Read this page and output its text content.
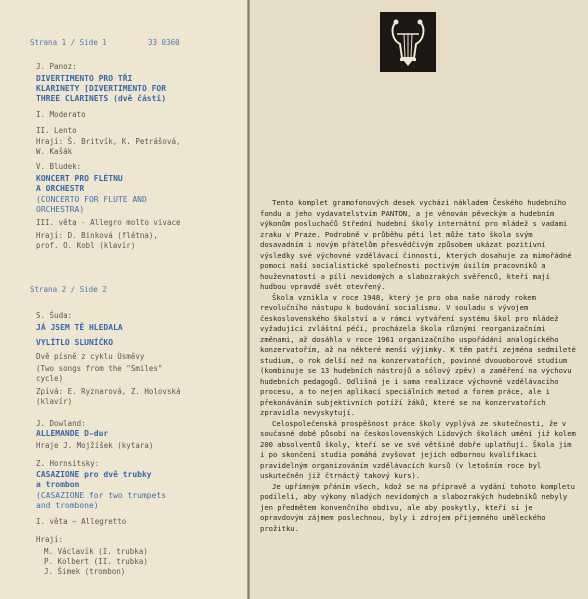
Strana 1 / Side 1	33 0360

J. Panoz:

DIVERTIMENTO PRO TŘI

KLARINETY [DIVERTIMENTO FOR

THREE CLARINETS (dvě části)

I. Moderato

II. Lento

Hrají: Š. Britvík, K. Petrášová,

W. Kašák

V. Bludek:

KONCERT PRO FLÉTNU

A ORCHESTR

(CONCERTO FOR FLUTE AND

ORCHESTRA)

III. věta - Allegro molto vivace

Hrají: D. Binková (flétna),

prof. O. Kobl (klavír)

Strana 2 / Side 2

S. Šuda:

JÁ JSEM TĚ HLEDALA

VYLÍTLO SLUNÍČKO

Dvě písně z cyklu Úsměvy

(Two songs from the "Smiles"

cycle)

Zpívá: E. Ryznarová, Z. Holovská

(klavír)

J. Dowland:

ALLEMANDE D-dur

Hraje J. Mojžíšek (kytara)

Z. Hornsitsky:

CASAZIONE pro dvě trubky

a trombon

(CASAZIONE for two trumpets

and trombone)

I. věta — Allegretto

Hrají:

M. Václavík (I. trubka)

P. Kolbert (II. trubka)

J. Šimek (trombon)

Tento komplet gramofonových desek vychází nákladem Českého hudebního fondu a jeho vydavatelstvím PANTON, a je věnován pěveckým a hudebním výkonům posluchačů Střední hudební školy internátní pro mládež s vadami zraku v Praze. Podrobně v průběhu pěti let může tato škola svým dosavadním i novým přátelům přesvědčivým způsobem ukázat pozitivní výsledky své výchovné vzdělávací činnosti, kterých dosahuje za mimořádné pomoci naší socialistické společnosti poctivým úsilím pracovníků a houževnatostí a píli nevidomých a slabozrakých svěřenců, kteří mají hudbou vpravdě svět otevřený.

Škola vznikla v roce 1948, který je pro oba naše národy rokem revolučního nástupu k budování socialismu. V souladu s vývojem československého školství a v rámci vytváření systému škol pro mládež vyžadující zvláštní péči, procházela škola různými reorganizačními změnami, až dosáhla v roce 1961 organizačního uspořádání analogického konzervatořím, až na některé menší výjimky. K těm patří zejména sedmileté studium, o rok delší než na konzervatořích, povinné dvouoborové studium (kombinuje se 13 hudebních nástrojů a sólový zpěv) a zaměření na výchovu hudebních pedagogů. Odlišná je i sama realizace výchovně vzdělávacího procesu, a to nejen aplikací speciálních metod a forem práce, ale i překonáváním subjektivních potíží žáků, které se na konzervatořích zpravidla nevyskytují.

Celospolečenská prospěšnost práce školy vyplývá ze skutečnosti, že v současné době působí na československých Lidových školách umění již kolem 200 absolventů školy, kteří se ve své většině dobře uplatňují. Škola jim i po skončení studia pomáhá zvyšovat jejich odbornou kvalifikaci pravidelným organizováním vzdělávacích kursů (v letošním roce byl uskutečněn již čtrnáctý takový kurs).

Je upřímným přáním všech, kdož se na přípravě a vydání tohoto kompletu podíleli, aby výkony mladých nevidomých a slabozrakých hudebníků nebyly jen předmětem konvenčního obdivu, ale aby poskytly, kteří si je opravdovým zájmem poslechnou, byly i zdrojem příjemného uměleckého prožitku.
